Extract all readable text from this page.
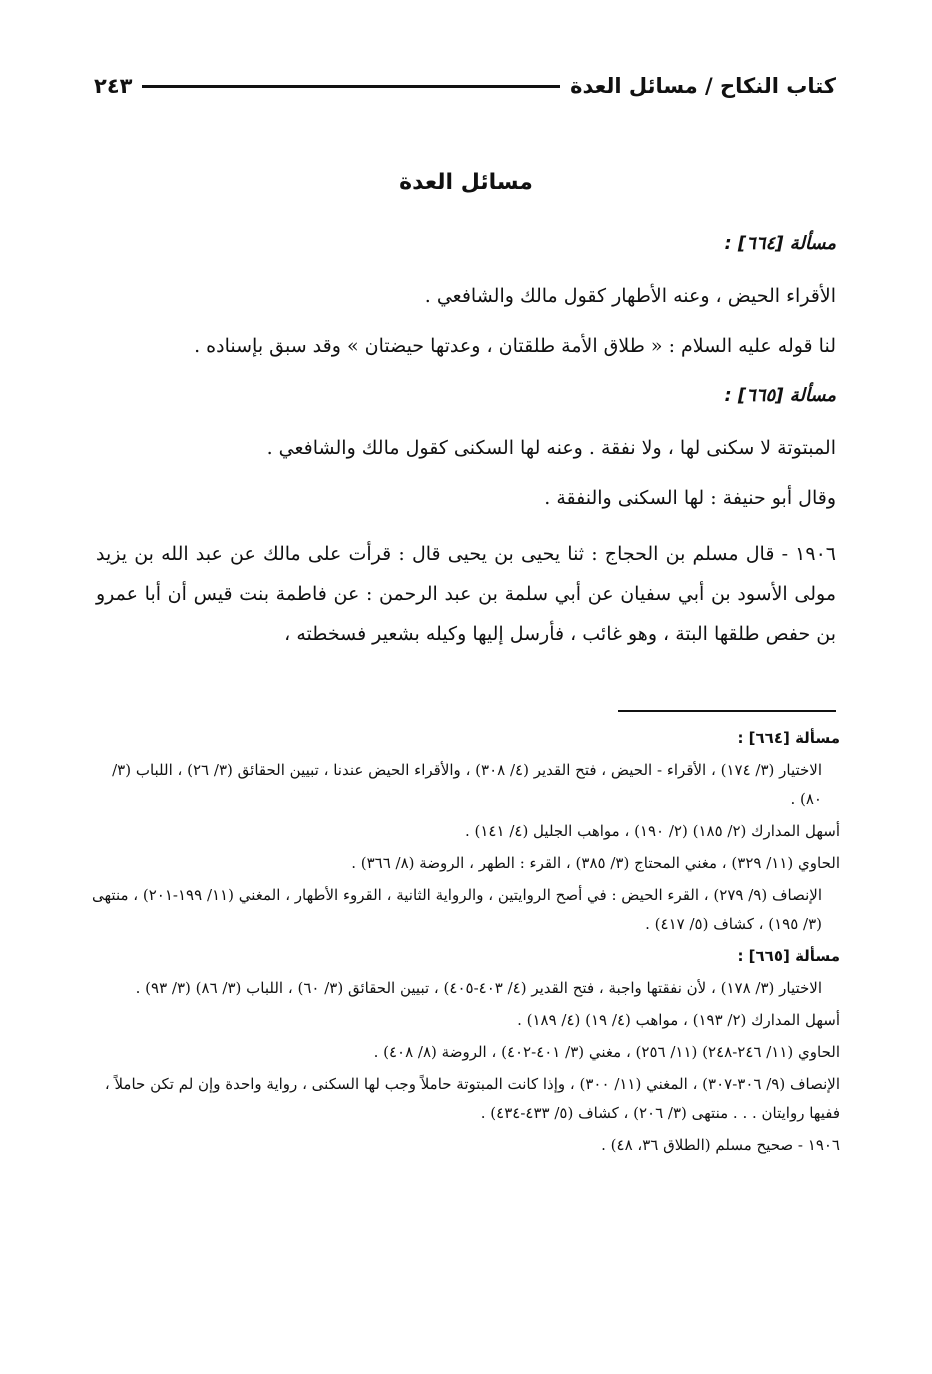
كتاب النكاح / مسائل العدة
٢٤٣
مسائل العدة

مسألة [٦٦٤] :

الأقراء الحيض ، وعنه الأطهار كقول مالك والشافعي .

لنا قوله عليه السلام : « طلاق الأمة طلقتان ، وعدتها حيضتان » وقد سبق بإسناده .

مسألة [٦٦٥] :

المبتوتة لا سكنى لها ، ولا نفقة . وعنه لها السكنى كقول مالك والشافعي .

وقال أبو حنيفة : لها السكنى والنفقة .

١٩٠٦ - قال مسلم بن الحجاج : ثنا يحيى بن يحيى قال : قرأت على مالك عن عبد الله بن يزيد مولى الأسود بن أبي سفيان عن أبي سلمة بن عبد الرحمن : عن فاطمة بنت قيس أن أبا عمرو بن حفص طلقها البتة ، وهو غائب ، فأرسل إليها وكيله بشعير فسخطته ،

مسألة [٦٦٤] :
الاختيار (٣/ ١٧٤) ، الأقراء - الحيض ، فتح القدير (٤/ ٣٠٨) ، والأقراء الحيض عندنا ، تبيين الحقائق (٣/ ٢٦) ، اللباب (٣/ ٨٠) .
أسهل المدارك (٢/ ١٨٥) (٢/ ١٩٠) ، مواهب الجليل (٤/ ١٤١) .
الحاوي (١١/ ٣٢٩) ، مغني المحتاج (٣/ ٣٨٥) ، القرء : الطهر ، الروضة (٨/ ٣٦٦) .
الإنصاف (٩/ ٢٧٩) ، القرء الحيض : في أصح الروايتين ، والرواية الثانية ، القروء الأطهار ، المغني (١١/ ١٩٩-٢٠١) ، منتهى (٣/ ١٩٥) ، كشاف (٥/ ٤١٧) .
مسألة [٦٦٥] :
الاختيار (٣/ ١٧٨) ، لأن نفقتها واجبة ، فتح القدير (٤/ ٤٠٣-٤٠٥) ، تبيين الحقائق (٣/ ٦٠) ، اللباب (٣/ ٨٦) (٣/ ٩٣) .
أسهل المدارك (٢/ ١٩٣) ، مواهب (٤/ ١٩) (٤/ ١٨٩) .
الحاوي (١١/ ٢٤٦-٢٤٨) (١١/ ٢٥٦) ، مغني (٣/ ٤٠١-٤٠٢) ، الروضة (٨/ ٤٠٨) .
الإنصاف (٩/ ٣٠٦-٣٠٧) ، المغني (١١/ ٣٠٠) ، وإذا كانت المبتوتة حاملاً وجب لها السكنى ، رواية واحدة وإن لم تكن حاملاً ، ففيها روايتان . . . منتهى (٣/ ٢٠٦) ، كشاف (٥/ ٤٣٣-٤٣٤) .
١٩٠٦ - صحيح مسلم (الطلاق ٣٦، ٤٨) .
